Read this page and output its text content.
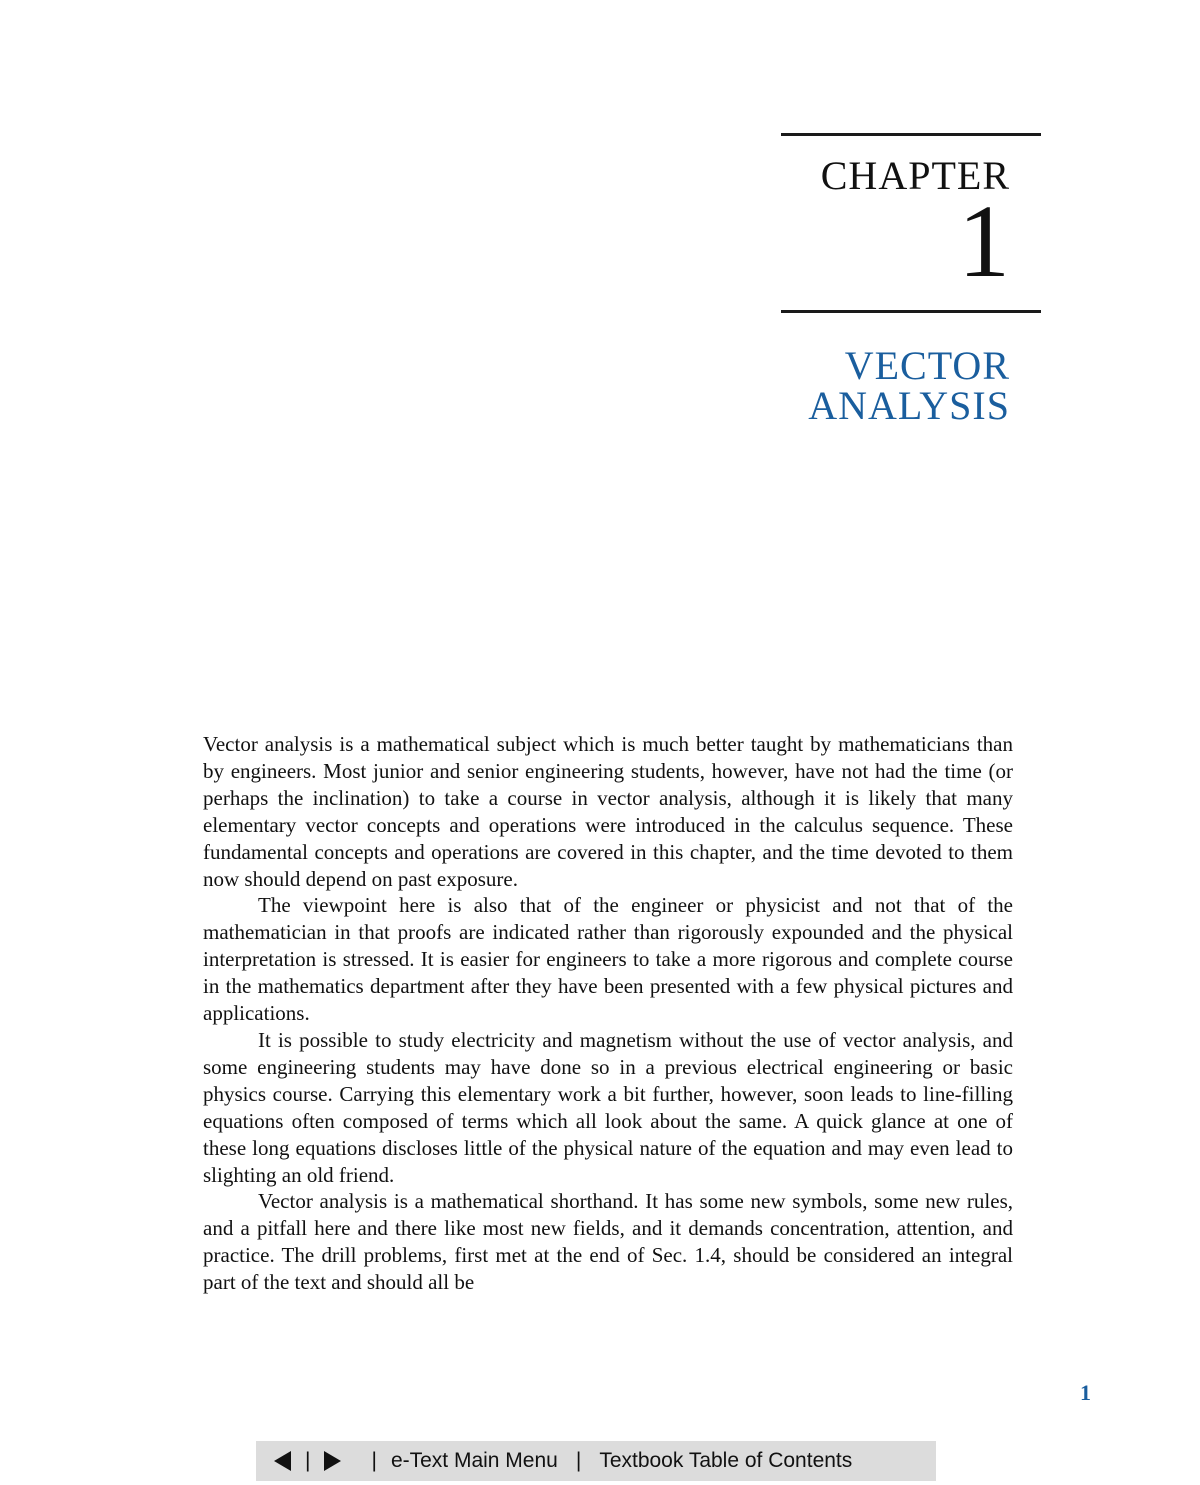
CHAPTER
1
VECTOR
ANALYSIS

Vector analysis is a mathematical subject which is much better taught by mathematicians than by engineers. Most junior and senior engineering students, however, have not had the time (or perhaps the inclination) to take a course in vector analysis, although it is likely that many elementary vector concepts and operations were introduced in the calculus sequence. These fundamental concepts and operations are covered in this chapter, and the time devoted to them now should depend on past exposure.

The viewpoint here is also that of the engineer or physicist and not that of the mathematician in that proofs are indicated rather than rigorously expounded and the physical interpretation is stressed. It is easier for engineers to take a more rigorous and complete course in the mathematics department after they have been presented with a few physical pictures and applications.

It is possible to study electricity and magnetism without the use of vector analysis, and some engineering students may have done so in a previous electrical engineering or basic physics course. Carrying this elementary work a bit further, however, soon leads to line-filling equations often composed of terms which all look about the same. A quick glance at one of these long equations discloses little of the physical nature of the equation and may even lead to slighting an old friend.

Vector analysis is a mathematical shorthand. It has some new symbols, some new rules, and a pitfall here and there like most new fields, and it demands concentration, attention, and practice. The drill problems, first met at the end of Sec. 1.4, should be considered an integral part of the text and should all be

1
|	| e-Text Main Menu | Textbook Table of Contents
